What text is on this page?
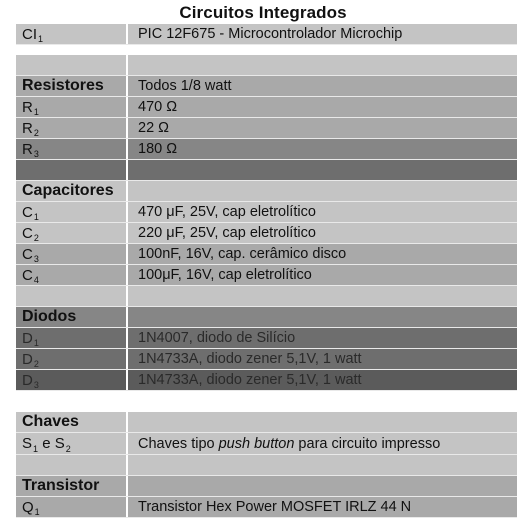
Circuitos Integrados
CI 1	PIC 12F675 - Microcontrolador Microchip
Resistores	Todos 1/8 watt
R 1	470 Ω
R 2	22 Ω
R 3	180 Ω
Capacitores
C 1	470 μF, 25V, cap eletrolítico
C 2	220 μF, 25V, cap eletrolítico
C 3	100nF, 16V, cap. cerâmico disco
C 4	100μF, 16V, cap eletrolítico
Diodos
D 1	1N4007, diodo de Silício
D 2	1N4733A, diodo zener 5,1V, 1 watt
D 3	1N4733A, diodo zener 5,1V, 1 watt
Chaves
S 1 e S 2	Chaves tipo push button para circuito impresso
Transistor
Q 1	Transistor Hex Power MOSFET IRLZ 44 N
